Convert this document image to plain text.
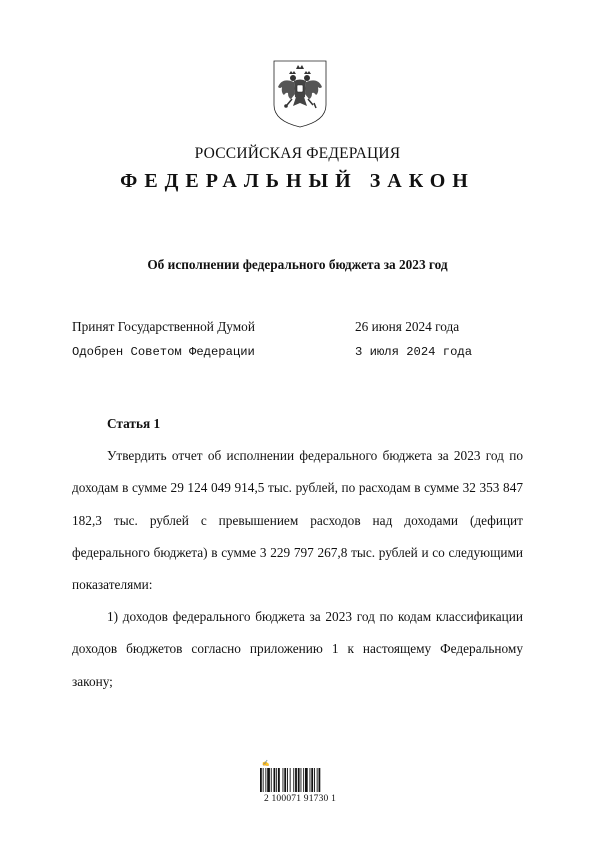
РОССИЙСКАЯ ФЕДЕРАЦИЯ
ФЕДЕРАЛЬНЫЙ ЗАКОН
Об исполнении федерального бюджета за 2023 год
Принят Государственной Думой	26 июня 2024 года
Одобрен Советом Федерации	3 июля 2024 года
Статья 1
Утвердить отчет об исполнении федерального бюджета за 2023 год по доходам в сумме 29 124 049 914,5 тыс. рублей, по расходам в сумме 32 353 847 182,3 тыс. рублей с превышением расходов над доходами (дефицит федерального бюджета) в сумме 3 229 797 267,8 тыс. рублей и со следующими показателями:
1) доходов федерального бюджета за 2023 год по кодам классификации доходов бюджетов согласно приложению 1 к настоящему Федеральному закону;
✍
2 100071 91730 1
